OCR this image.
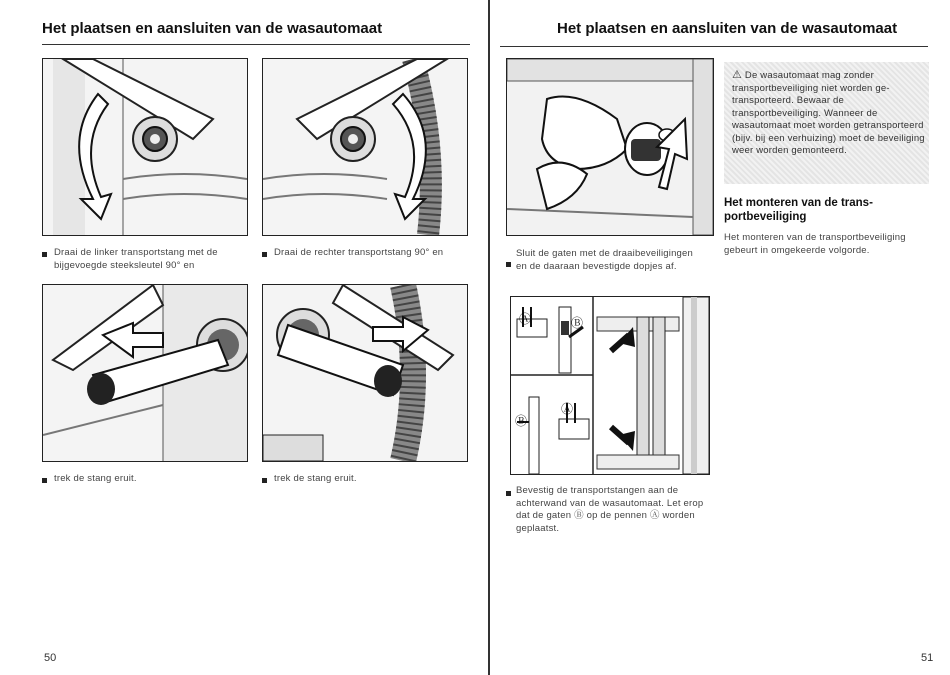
Het plaatsen en aansluiten van de wasautomaat
Draai de linker transportstang met de bijgevoegde steeksleutel 90° en
Draai de rechter transportstang 90° en
trek de stang eruit.	trek de stang eruit.
50
Het plaatsen en aansluiten van de wasautomaat
Sluit de gaten met de draaibeveiligingen en de daaraan bevestigde dopjes af.
⚠ De wasautomaat mag zonder transportbeveiliging niet worden getransporteerd. Bewaar de transportbeveiliging. Wanneer de wasautomaat moet worden getransporteerd (bijv. bij een verhuizing) moet de beveiliging weer worden gemonteerd.
Het monteren van de transportbeveiliging
Het monteren van de transportbeveiliging gebeurt in omgekeerde volgorde.
Ⓐ	Ⓑ
Ⓑ
Ⓐ
Bevestig de transportstangen aan de achterwand van de wasautomaat. Let erop dat de gaten Ⓑ op de pennen Ⓐ worden geplaatst.
51
